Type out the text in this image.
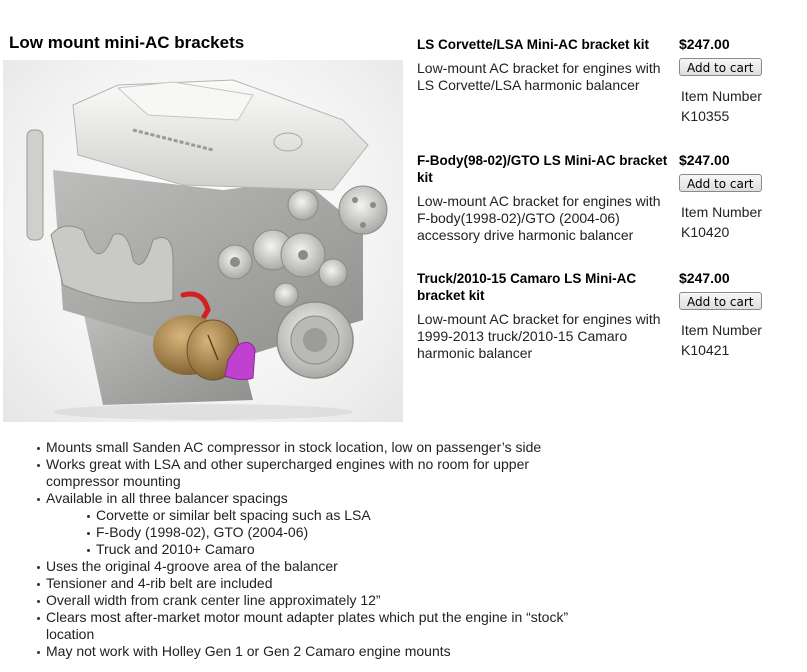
Low mount mini-AC brackets	LS Corvette/LSA Mini-AC bracket kit
Low-mount AC bracket for engines with LS Corvette/LSA harmonic balancer
$247.00
Add to cart
Item Number
K10355
F-Body(98-02)/GTO LS Mini-AC bracket kit
Low-mount AC bracket for engines with F-body(1998-02)/GTO (2004-06) accessory drive harmonic balancer
$247.00
Add to cart
Item Number
K10420
Truck/2010-15 Camaro LS Mini-AC bracket kit
Low-mount AC bracket for engines with 1999-2013 truck/2010-15 Camaro harmonic balancer
$247.00
Add to cart
Item Number
K10421
Mounts small Sanden AC compressor in stock location, low on passenger’s side
Works great with LSA and other supercharged engines with no room for upper compressor mounting
Available in all three balancer spacings
Corvette or similar belt spacing such as LSA
F-Body (1998-02), GTO (2004-06)
Truck and 2010+ Camaro
Uses the original 4-groove area of the balancer
Tensioner and 4-rib belt are included
Overall width from crank center line approximately 12”
Clears most after-market motor mount adapter plates which put the engine in “stock” location
May not work with Holley Gen 1 or Gen 2 Camaro engine mounts
